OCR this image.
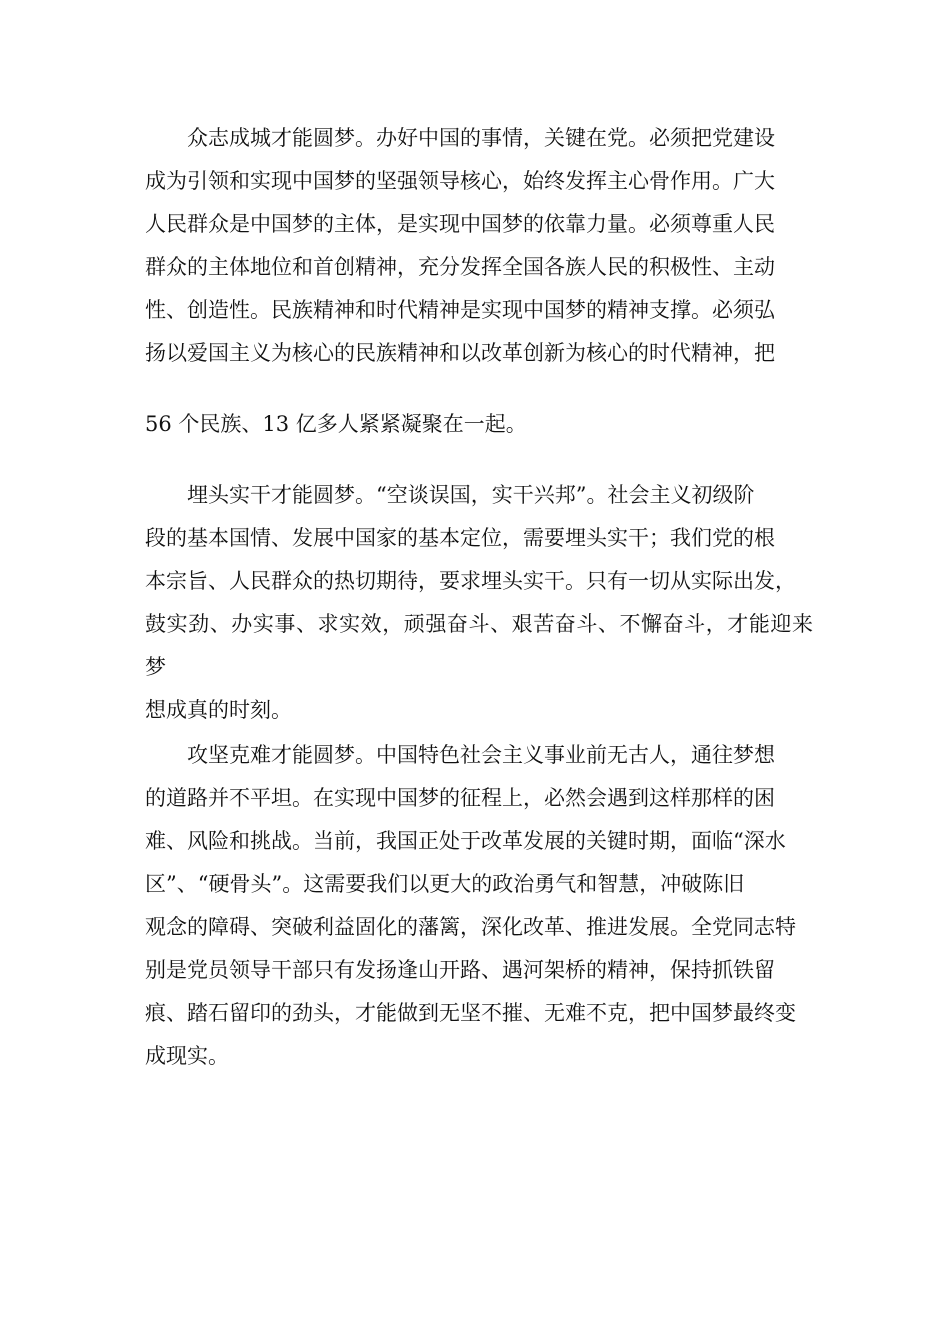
众志成城才能圆梦。办好中国的事情，关键在党。必须把党建设
成为引领和实现中国梦的坚强领导核心，始终发挥主心骨作用。广大
人民群众是中国梦的主体，是实现中国梦的依靠力量。必须尊重人民
群众的主体地位和首创精神，充分发挥全国各族人民的积极性、主动
性、创造性。民族精神和时代精神是实现中国梦的精神支撑。必须弘
扬以爱国主义为核心的民族精神和以改革创新为核心的时代精神，把

56 个民族、13 亿多人紧紧凝聚在一起。

埋头实干才能圆梦。“空谈误国，实干兴邦”。社会主义初级阶
段的基本国情、发展中国家的基本定位，需要埋头实干；我们党的根
本宗旨、人民群众的热切期待，要求埋头实干。只有一切从实际出发，
鼓实劲、办实事、求实效，顽强奋斗、艰苦奋斗、不懈奋斗，才能迎来梦
想成真的时刻。

攻坚克难才能圆梦。中国特色社会主义事业前无古人，通往梦想
的道路并不平坦。在实现中国梦的征程上，必然会遇到这样那样的困
难、风险和挑战。当前，我国正处于改革发展的关键时期，面临“深水
区”、“硬骨头”。这需要我们以更大的政治勇气和智慧，冲破陈旧
观念的障碍、突破利益固化的藩篱，深化改革、推进发展。全党同志特
别是党员领导干部只有发扬逢山开路、遇河架桥的精神，保持抓铁留
痕、踏石留印的劲头，才能做到无坚不摧、无难不克，把中国梦最终变
成现实。
